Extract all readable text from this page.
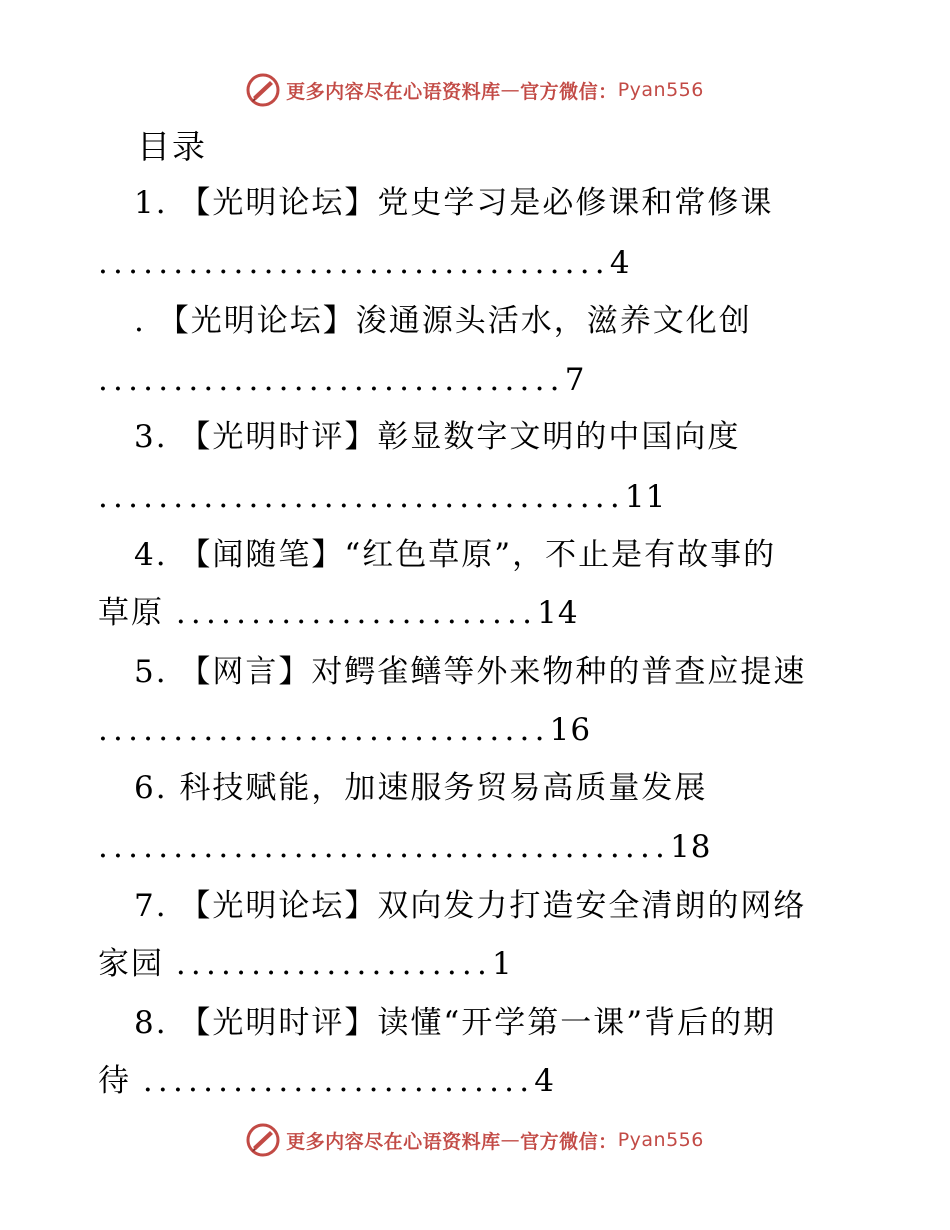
更多内容尽在心语资料库 — 官方微信： Pyan556
目录
1. 【光明论坛】党史学习是必修课和常修课
..................................4
. 【光明论坛】浚通源头活水，滋养文化创
...............................7
3. 【光明时评】彰显数字文明的中国向度
...................................11
4. 【闻随笔】“红色草原”，不止是有故事的
草原 ........................14
5. 【网言】对鳄雀鳝等外来物种的普查应提速
..............................16
6. 科技赋能，加速服务贸易高质量发展
......................................18
7. 【光明论坛】双向发力打造安全清朗的网络
家园 .....................1
8. 【光明时评】读懂“开学第一课”背后的期
待 ..........................4
更多内容尽在心语资料库 — 官方微信： Pyan556
